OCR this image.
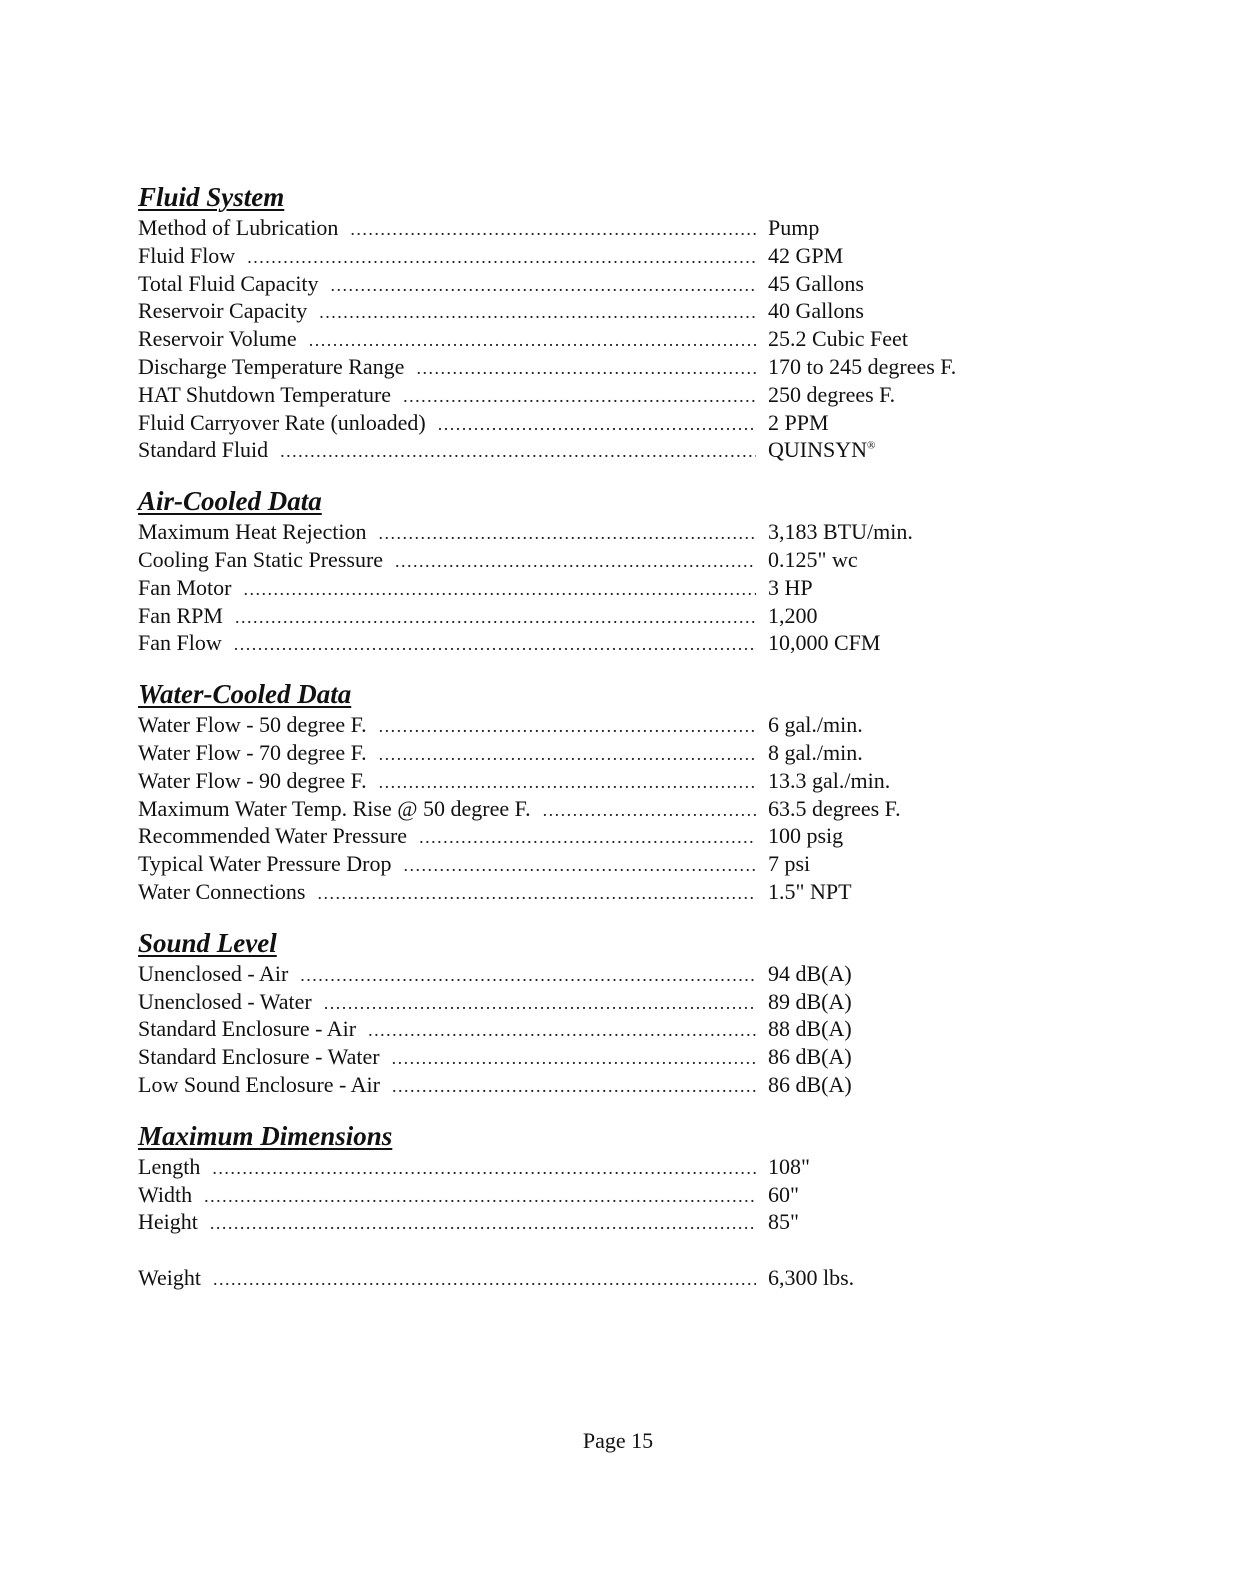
Fluid System
Method of Lubrication .....	Pump
Fluid Flow .....	42 GPM
Total Fluid Capacity .....	45 Gallons
Reservoir Capacity .....	40 Gallons
Reservoir Volume .....	25.2 Cubic Feet
Discharge Temperature Range .....	170 to 245 degrees F.
HAT Shutdown Temperature .....	250 degrees F.
Fluid Carryover Rate (unloaded) .....	2 PPM
Standard Fluid .....	QUINSYN®
Air-Cooled Data
Maximum Heat Rejection .....	3,183 BTU/min.
Cooling Fan Static Pressure .....	0.125" wc
Fan Motor .....	3 HP
Fan RPM .....	1,200
Fan Flow .....	10,000 CFM
Water-Cooled Data
Water Flow - 50 degree F. .....	6 gal./min.
Water Flow - 70 degree F. .....	8 gal./min.
Water Flow - 90 degree F. .....	13.3 gal./min.
Maximum Water Temp. Rise @ 50 degree F. .....	63.5 degrees F.
Recommended Water Pressure .....	100 psig
Typical Water Pressure Drop .....	7 psi
Water Connections .....	1.5" NPT
Sound Level
Unenclosed - Air .....	94 dB(A)
Unenclosed - Water .....	89 dB(A)
Standard Enclosure - Air .....	88 dB(A)
Standard Enclosure - Water .....	86 dB(A)
Low Sound Enclosure - Air .....	86 dB(A)
Maximum Dimensions
Length .....	108"
Width .....	60"
Height .....	85"
Weight .....	6,300 lbs.
Page 15
